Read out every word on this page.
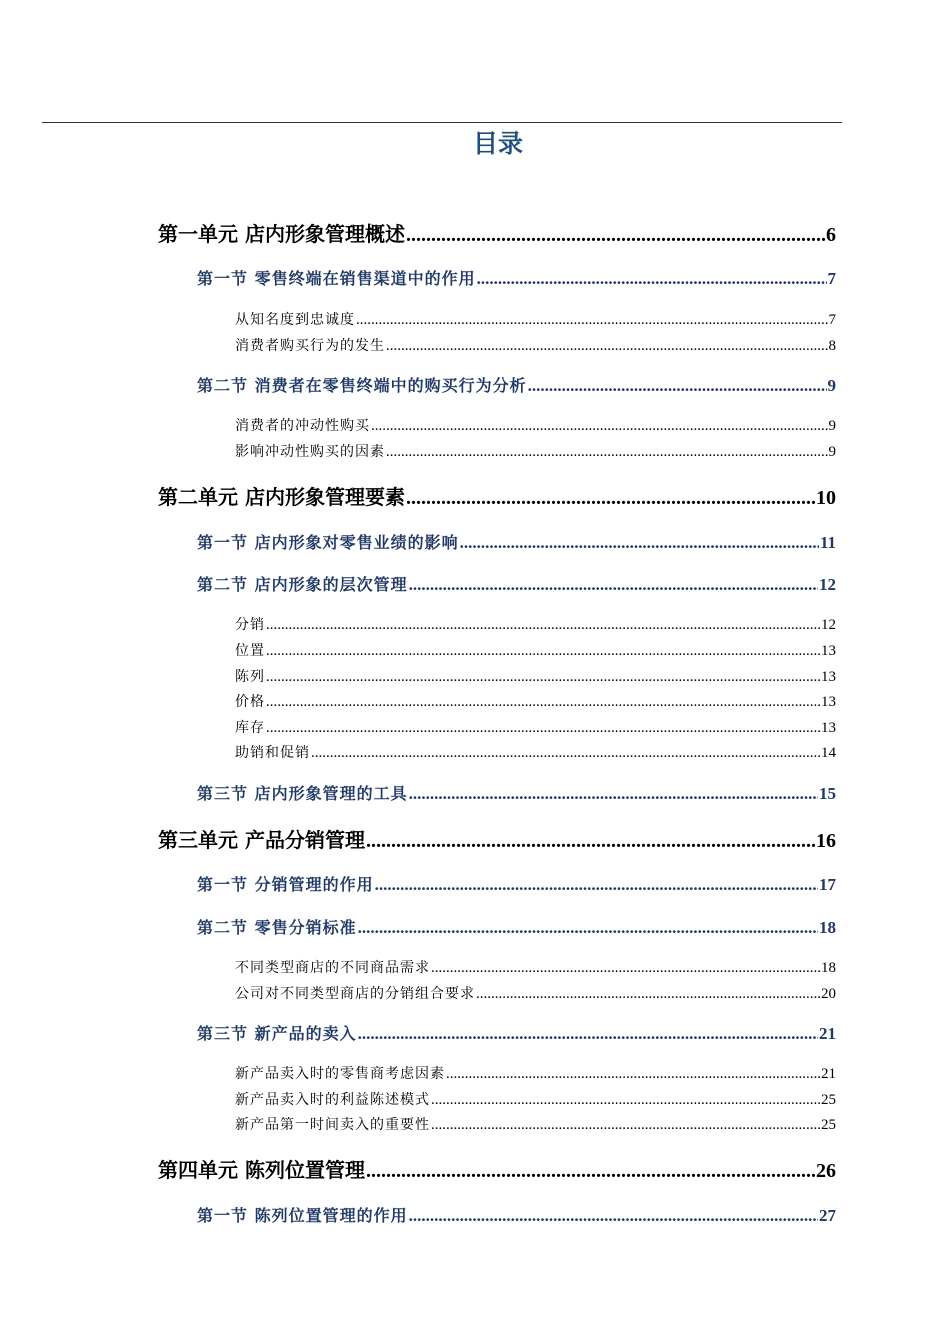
目录
第一单元 店内形象管理概述 .....	6
第一节 零售终端在销售渠道中的作用 .....	7
从知名度到忠诚度 .....	7
消费者购买行为的发生 .....	8
第二节 消费者在零售终端中的购买行为分析 .....	9
消费者的冲动性购买 .....	9
影响冲动性购买的因素 .....	9
第二单元 店内形象管理要素 .....	10
第一节 店内形象对零售业绩的影响 .....	11
第二节 店内形象的层次管理 .....	12
分销 .....	12
位置 .....	13
陈列 .....	13
价格 .....	13
库存 .....	13
助销和促销 .....	14
第三节 店内形象管理的工具 .....	15
第三单元 产品分销管理 .....	16
第一节 分销管理的作用 .....	17
第二节 零售分销标准 .....	18
不同类型商店的不同商品需求 .....	18
公司对不同类型商店的分销组合要求 .....	20
第三节 新产品的卖入 .....	21
新产品卖入时的零售商考虑因素 .....	21
新产品卖入时的利益陈述模式 .....	25
新产品第一时间卖入的重要性 .....	25
第四单元 陈列位置管理 .....	26
第一节 陈列位置管理的作用 .....	27
